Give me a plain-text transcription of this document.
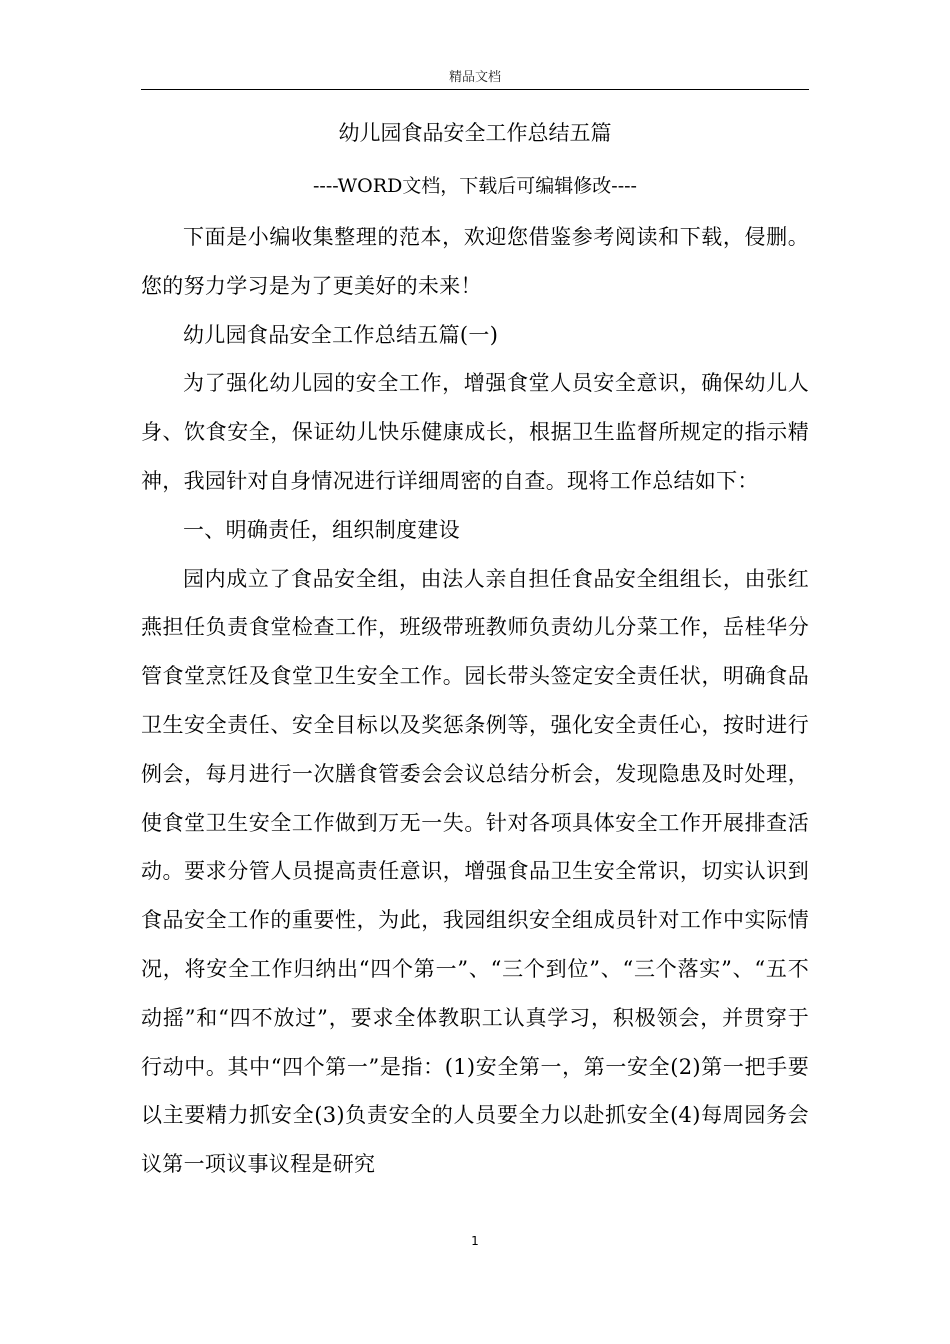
精品文档
幼儿园食品安全工作总结五篇
----WORD文档，下载后可编辑修改----

下面是小编收集整理的范本，欢迎您借鉴参考阅读和下载，侵删。您的努力学习是为了更美好的未来！

幼儿园食品安全工作总结五篇(一)

为了强化幼儿园的安全工作，增强食堂人员安全意识，确保幼儿人身、饮食安全，保证幼儿快乐健康成长，根据卫生监督所规定的指示精神，我园针对自身情况进行详细周密的自查。现将工作总结如下：

一、明确责任，组织制度建设

园内成立了食品安全组，由法人亲自担任食品安全组组长，由张红燕担任负责食堂检查工作，班级带班教师负责幼儿分菜工作，岳桂华分管食堂烹饪及食堂卫生安全工作。园长带头签定安全责任状，明确食品卫生安全责任、安全目标以及奖惩条例等，强化安全责任心，按时进行例会，每月进行一次膳食管委会会议总结分析会，发现隐患及时处理，使食堂卫生安全工作做到万无一失。针对各项具体安全工作开展排查活动。要求分管人员提高责任意识，增强食品卫生安全常识，切实认识到食品安全工作的重要性，为此，我园组织安全组成员针对工作中实际情况，将安全工作归纳出“四个第一”、“三个到位”、“三个落实”、“五不动摇”和“四不放过”，要求全体教职工认真学习，积极领会，并贯穿于行动中。其中“四个第一”是指：(1)安全第一，第一安全(2)第一把手要以主要精力抓安全(3)负责安全的人员要全力以赴抓安全(4)每周园务会议第一项议事议程是研究

1
